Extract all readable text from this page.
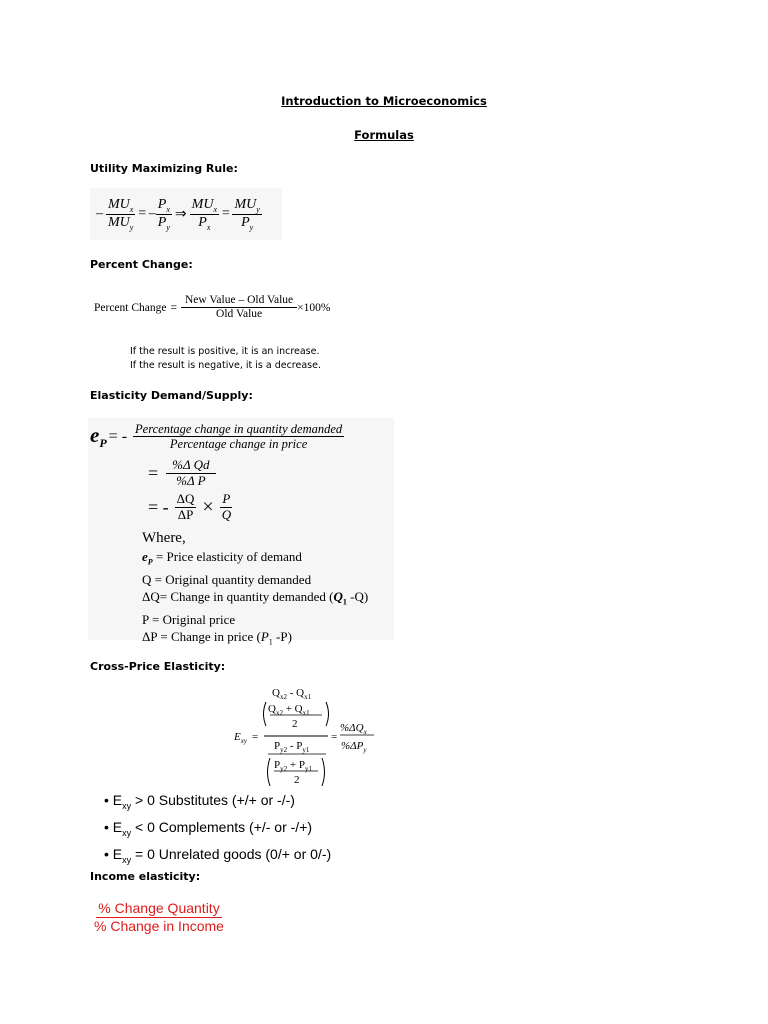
Introduction to Microeconomics
Formulas
Utility Maximizing Rule:
– $\frac{MU_x}{MU_y}$ = – $\frac{P_x}{P_y}$ ⇒ $\frac{MU_x}{P_x} = \frac{MU_y}{P_y}$
Percent Change:
Percent Change = $\frac{\text{New Value – Old Value}}{\text{Old Value}} \times 100\%$
If the result is positive, it is an increase.
If the result is negative, it is a decrease.
Elasticity Demand/Supply:
$e_P$ = - $\frac{\text{Percentage change in quantity demanded}}{\text{Percentage change in price}}$
= $\frac{\text{\%Δ Qd}}{\text{\%Δ P}}$
= - $\frac{\Delta Q}{\Delta P} \times \frac{P}{Q}$
Where,
$e_P$ = Price elasticity of demand
Q = Original quantity demanded
ΔQ= Change in quantity demanded ($Q_1$ -Q)
P = Original price
ΔP = Change in price ($P_1$ -P)
Cross-Price Elasticity:
$E_{xy}$ =
$Q_{x2} - Q_{x1}$
$Q_{x2} + Q_{x1}$
2
$P_{y2} - P_{y1}$
$P_{y2} + P_{y1}$
2
=
$\%\Delta Q_x$
$\%\Delta P_y$
• $E_{xy} > 0$ Substitutes (+/+ or -/-)
• $E_{xy} < 0$ Complements (+/- or -/+)
• $E_{xy} = 0$ Unrelated goods (0/+ or 0/-)
Income elasticity:
% Change Quantity
% Change in Income
